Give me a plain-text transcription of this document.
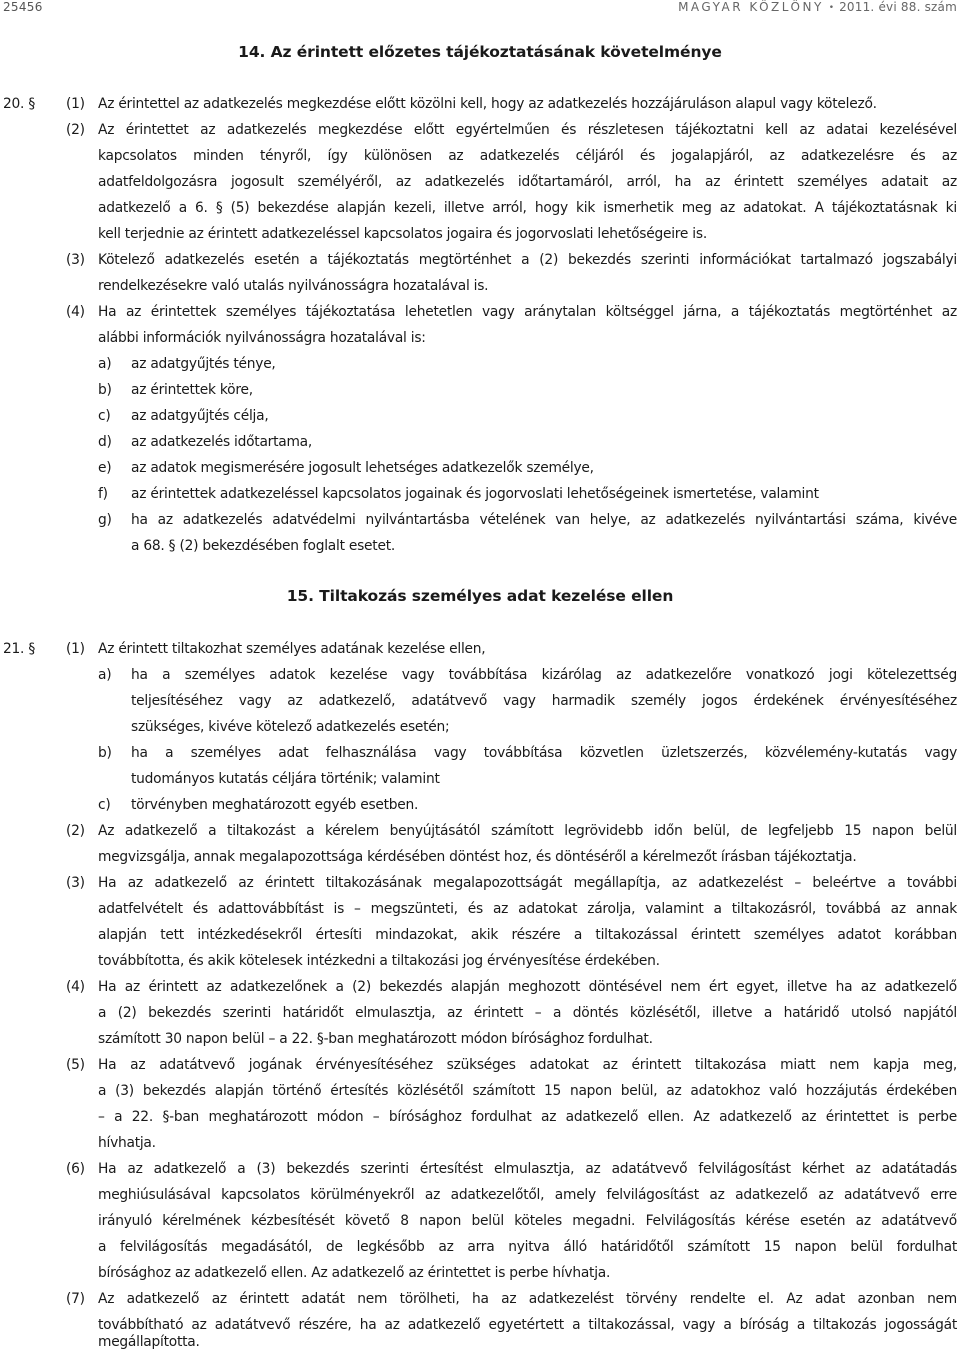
25456	MAGYAR KÖZLÖNY • 2011. évi 88. szám
14. Az érintett előzetes tájékoztatásának követelménye
20. § (1) Az érintettel az adatkezelés megkezdése előtt közölni kell, hogy az adatkezelés hozzájáruláson alapul vagy kötelező.
(2) Az érintettet az adatkezelés megkezdése előtt egyértelműen és részletesen tájékoztatni kell az adatai kezelésével
kapcsolatos minden tényről, így különösen az adatkezelés céljáról és jogalapjáról, az adatkezelésre és az
adatfeldolgozásra jogosult személyéről, az adatkezelés időtartamáról, arról, ha az érintett személyes adatait az
adatkezelő a 6. § (5) bekezdése alapján kezeli, illetve arról, hogy kik ismerhetik meg az adatokat. A tájékoztatásnak ki
kell terjednie az érintett adatkezeléssel kapcsolatos jogaira és jogorvoslati lehetőségeire is.
(3) Kötelező adatkezelés esetén a tájékoztatás megtörténhet a (2) bekezdés szerinti információkat tartalmazó jogszabályi
rendelkezésekre való utalás nyilvánosságra hozatalával is.
(4) Ha az érintettek személyes tájékoztatása lehetetlen vagy aránytalan költséggel járna, a tájékoztatás megtörténhet az
alábbi információk nyilvánosságra hozatalával is:
a) az adatgyűjtés ténye,
b) az érintettek köre,
c) az adatgyűjtés célja,
d) az adatkezelés időtartama,
e) az adatok megismerésére jogosult lehetséges adatkezelők személye,
f) az érintettek adatkezeléssel kapcsolatos jogainak és jogorvoslati lehetőségeinek ismertetése, valamint
g) ha az adatkezelés adatvédelmi nyilvántartásba vételének van helye, az adatkezelés nyilvántartási száma, kivéve
a 68. § (2) bekezdésében foglalt esetet.
15. Tiltakozás személyes adat kezelése ellen
21. § (1) Az érintett tiltakozhat személyes adatának kezelése ellen,
a) ha a személyes adatok kezelése vagy továbbítása kizárólag az adatkezelőre vonatkozó jogi kötelezettség
teljesítéséhez vagy az adatkezelő, adatátvevő vagy harmadik személy jogos érdekének érvényesítéséhez
szükséges, kivéve kötelező adatkezelés esetén;
b) ha a személyes adat felhasználása vagy továbbítása közvetlen üzletszerzés, közvélemény-kutatás vagy
tudományos kutatás céljára történik; valamint
c) törvényben meghatározott egyéb esetben.
(2) Az adatkezelő a tiltakozást a kérelem benyújtásától számított legrövidebb időn belül, de legfeljebb 15 napon belül
megvizsgálja, annak megalapozottsága kérdésében döntést hoz, és döntéséről a kérelmezőt írásban tájékoztatja.
(3) Ha az adatkezelő az érintett tiltakozásának megalapozottságát megállapítja, az adatkezelést – beleértve a további
adatfelvételt és adattovábbítást is – megszünteti, és az adatokat zárolja, valamint a tiltakozásról, továbbá az annak
alapján tett intézkedésekről értesíti mindazokat, akik részére a tiltakozással érintett személyes adatot korábban
továbbította, és akik kötelesek intézkedni a tiltakozási jog érvényesítése érdekében.
(4) Ha az érintett az adatkezelőnek a (2) bekezdés alapján meghozott döntésével nem ért egyet, illetve ha az adatkezelő
a (2) bekezdés szerinti határidőt elmulasztja, az érintett – a döntés közlésétől, illetve a határidő utolsó napjától
számított 30 napon belül – a 22. §-ban meghatározott módon bírósághoz fordulhat.
(5) Ha az adatátvevő jogának érvényesítéséhez szükséges adatokat az érintett tiltakozása miatt nem kapja meg,
a (3) bekezdés alapján történő értesítés közlésétől számított 15 napon belül, az adatokhoz való hozzájutás érdekében
– a 22. §-ban meghatározott módon – bírósághoz fordulhat az adatkezelő ellen. Az adatkezelő az érintettet is perbe
hívhatja.
(6) Ha az adatkezelő a (3) bekezdés szerinti értesítést elmulasztja, az adatátvevő felvilágosítást kérhet az adatátadás
meghiúsulásával kapcsolatos körülményekről az adatkezelőtől, amely felvilágosítást az adatkezelő az adatátvevő erre
irányuló kérelmének kézbesítését követő 8 napon belül köteles megadni. Felvilágosítás kérése esetén az adatátvevő
a felvilágosítás megadásától, de legkésőbb az arra nyitva álló határidőtől számított 15 napon belül fordulhat
bírósághoz az adatkezelő ellen. Az adatkezelő az érintettet is perbe hívhatja.
(7) Az adatkezelő az érintett adatát nem törölheti, ha az adatkezelést törvény rendelte el. Az adat azonban nem
továbbítható az adatátvevő részére, ha az adatkezelő egyetértett a tiltakozással, vagy a bíróság a tiltakozás jogosságát
megállapította.
